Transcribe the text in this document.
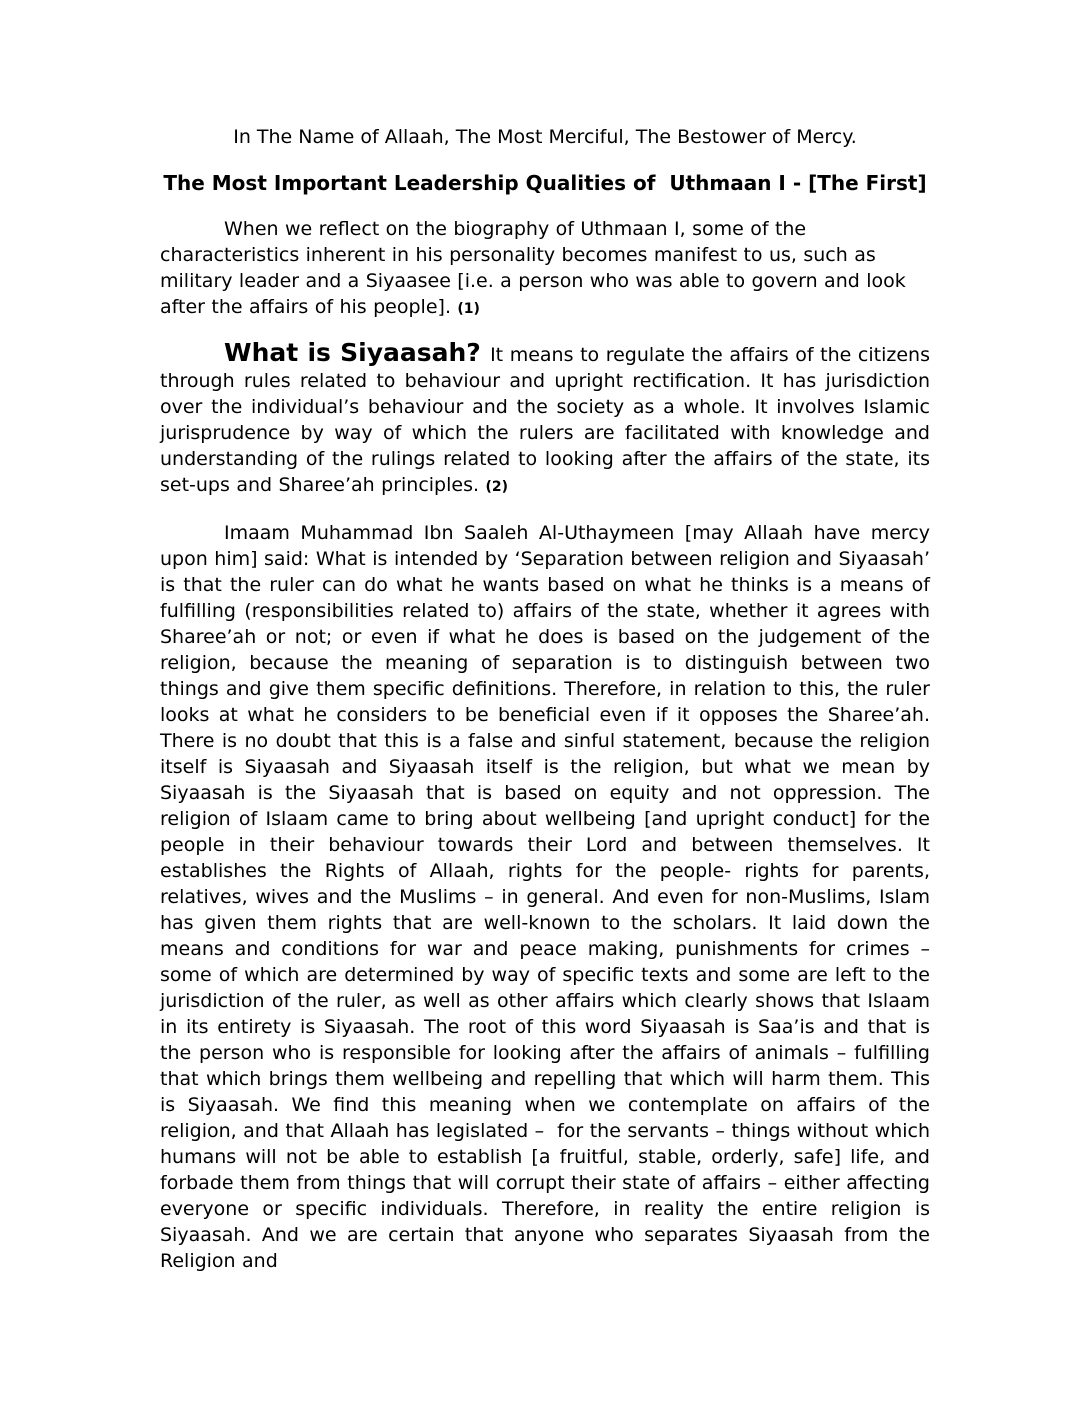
In The Name of Allaah, The Most Merciful, The Bestower of Mercy.
The Most Important Leadership Qualities of  Uthmaan I - [The First]

When we reflect on the biography of Uthmaan I, some of the characteristics inherent in his personality becomes manifest to us, such as military leader and a Siyaasee [i.e. a person who was able to govern and look after the affairs of his people]. (1)

What is Siyaasah? It means to regulate the affairs of the citizens through rules related to behaviour and upright rectification. It has jurisdiction over the individual’s behaviour and the society as a whole. It involves Islamic jurisprudence by way of which the rulers are facilitated with knowledge and understanding of the rulings related to looking after the affairs of the state, its set-ups and Sharee’ah principles. (2)

Imaam Muhammad Ibn Saaleh Al-Uthaymeen [may Allaah have mercy upon him] said: What is intended by ‘Separation between religion and Siyaasah’ is that the ruler can do what he wants based on what he thinks is a means of fulfilling (responsibilities related to) affairs of the state, whether it agrees with Sharee’ah or not; or even if what he does is based on the judgement of the religion, because the meaning of separation is to distinguish between two things and give them specific definitions. Therefore, in relation to this, the ruler looks at what he considers to be beneficial even if it opposes the Sharee’ah. There is no doubt that this is a false and sinful statement, because the religion itself is Siyaasah and Siyaasah itself is the religion, but what we mean by Siyaasah is the Siyaasah that is based on equity and not oppression. The religion of Islaam came to bring about wellbeing [and upright conduct] for the people in their behaviour towards their Lord and between themselves. It establishes the Rights of Allaah, rights for the people- rights for parents, relatives, wives and the Muslims – in general. And even for non-Muslims, Islam has given them rights that are well-known to the scholars. It laid down the means and conditions for war and peace making, punishments for crimes – some of which are determined by way of specific texts and some are left to the jurisdiction of the ruler, as well as other affairs which clearly shows that Islaam in its entirety is Siyaasah. The root of this word Siyaasah is Saa’is and that is the person who is responsible for looking after the affairs of animals – fulfilling that which brings them wellbeing and repelling that which will harm them. This is Siyaasah. We find this meaning when we contemplate on affairs of the religion, and that Allaah has legislated –  for the servants – things without which humans will not be able to establish [a fruitful, stable, orderly, safe] life, and forbade them from things that will corrupt their state of affairs – either affecting everyone or specific individuals. Therefore, in reality the entire religion is Siyaasah. And we are certain that anyone who separates Siyaasah from the Religion and
